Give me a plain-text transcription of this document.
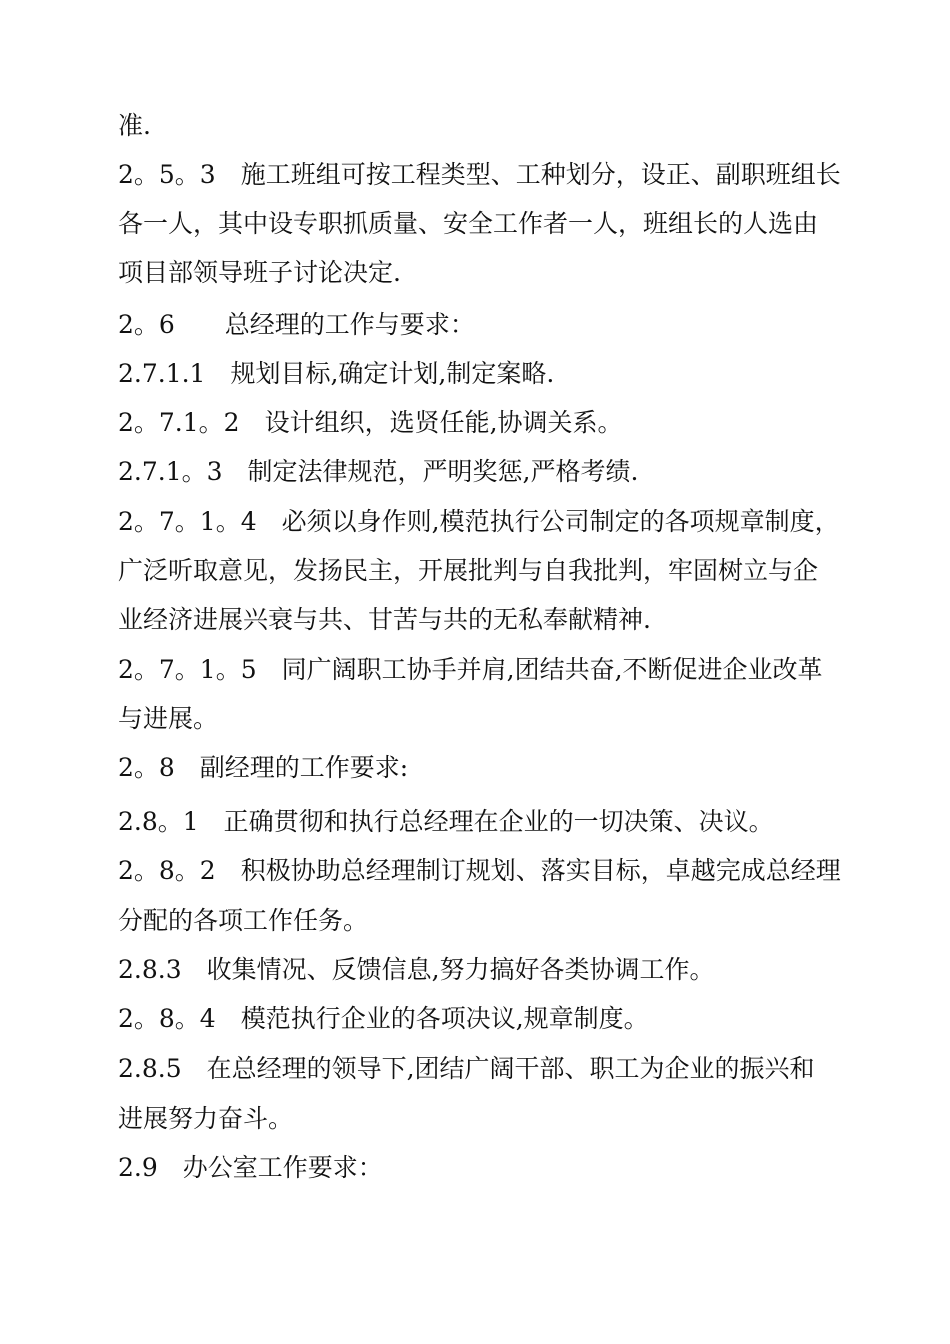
准.
2。5。3　施工班组可按工程类型、工种划分，设正、副职班组长
各一人，其中设专职抓质量、安全工作者一人，班组长的人选由
项目部领导班子讨论决定.
2。6　　总经理的工作与要求：
2.7.1.1　规划目标,确定计划,制定案略.
2。7.1。2　设计组织，选贤任能,协调关系。
2.7.1。3　制定法律规范，严明奖惩,严格考绩.
2。7。1。4　必须以身作则,模范执行公司制定的各项规章制度，
广泛听取意见，发扬民主，开展批判与自我批判，牢固树立与企
业经济进展兴衰与共、甘苦与共的无私奉献精神.
2。7。1。5　同广阔职工协手并肩,团结共奋,不断促进企业改革
与进展。
2。8　副经理的工作要求:
2.8。1　正确贯彻和执行总经理在企业的一切决策、决议。
2。8。2　积极协助总经理制订规划、落实目标，卓越完成总经理
分配的各项工作任务。
2.8.3　收集情况、反馈信息,努力搞好各类协调工作。
2。8。4　模范执行企业的各项决议,规章制度。
2.8.5　在总经理的领导下,团结广阔干部、职工为企业的振兴和
进展努力奋斗。
2.9　办公室工作要求：
